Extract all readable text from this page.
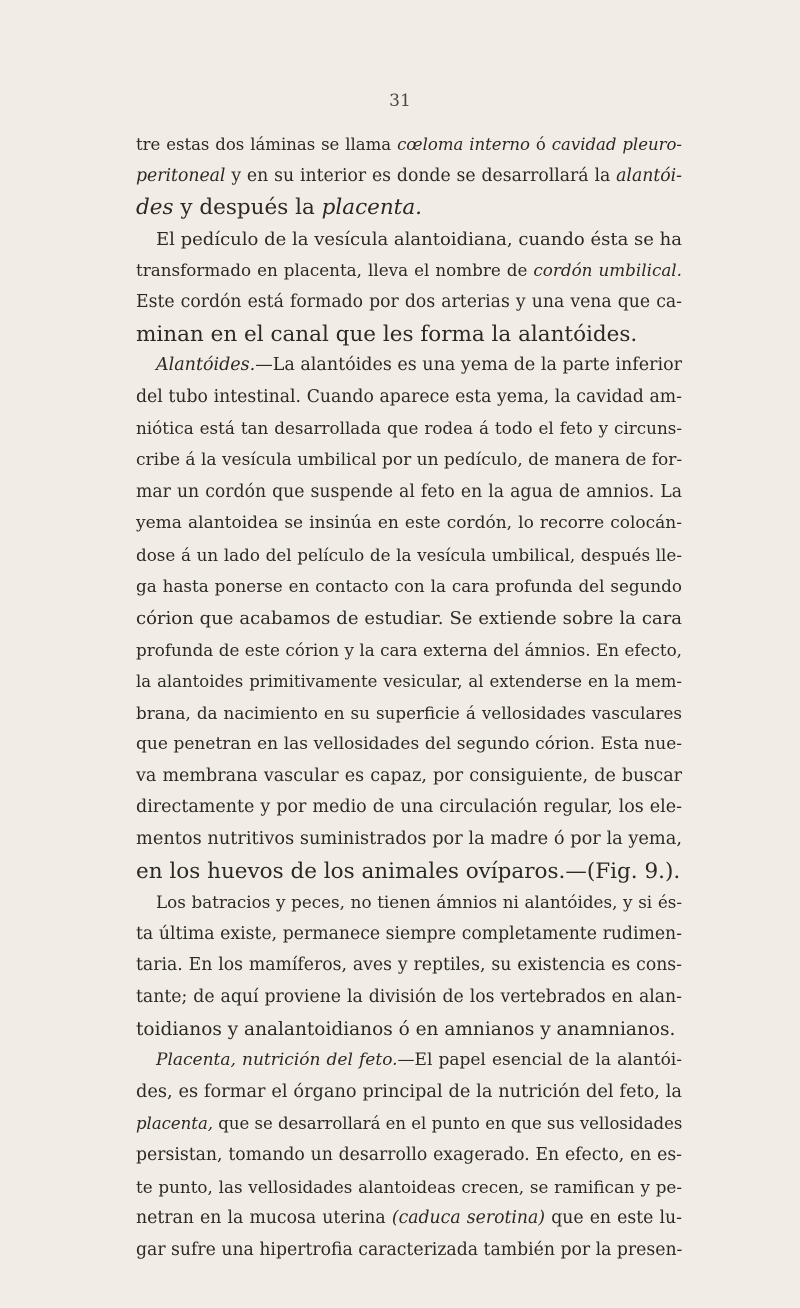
31
tre estas dos láminas se llama cœloma interno ó cavidad pleuro-
peritoneal y en su interior es donde se desarrollará la alantói-
des y después la placenta.
El pedículo de la vesícula alantoidiana, cuando ésta se ha
transformado en placenta, lleva el nombre de cordón umbilical.
Este cordón está formado por dos arterias y una vena que ca-
minan en el canal que les forma la alantóides.
Alantóides.—La alantóides es una yema de la parte inferior
del tubo intestinal. Cuando aparece esta yema, la cavidad am-
niótica está tan desarrollada que rodea á todo el feto y circuns-
cribe á la vesícula umbilical por un pedículo, de manera de for-
mar un cordón que suspende al feto en la agua de amnios. La
yema alantoidea se insinúa en este cordón, lo recorre colocán-
dose á un lado del películo de la vesícula umbilical, después lle-
ga hasta ponerse en contacto con la cara profunda del segundo
córion que acabamos de estudiar. Se extiende sobre la cara
profunda de este córion y la cara externa del ámnios. En efecto,
la alantoides primitivamente vesicular, al extenderse en la mem-
brana, da nacimiento en su superficie á vellosidades vasculares
que penetran en las vellosidades del segundo córion. Esta nue-
va membrana vascular es capaz, por consiguiente, de buscar
directamente y por medio de una circulación regular, los ele-
mentos nutritivos suministrados por la madre ó por la yema,
en los huevos de los animales ovíparos.—(Fig. 9.).
Los batracios y peces, no tienen ámnios ni alantóides, y si és-
ta última existe, permanece siempre completamente rudimen-
taria. En los mamíferos, aves y reptiles, su existencia es cons-
tante; de aquí proviene la división de los vertebrados en alan-
toidianos y analantoidianos ó en amnianos y anamnianos.
Placenta, nutrición del feto.—El papel esencial de la alantói-
des, es formar el órgano principal de la nutrición del feto, la
placenta, que se desarrollará en el punto en que sus vellosidades
persistan, tomando un desarrollo exagerado. En efecto, en es-
te punto, las vellosidades alantoideas crecen, se ramifican y pe-
netran en la mucosa uterina (caduca serotina) que en este lu-
gar sufre una hipertrofia caracterizada también por la presen-
